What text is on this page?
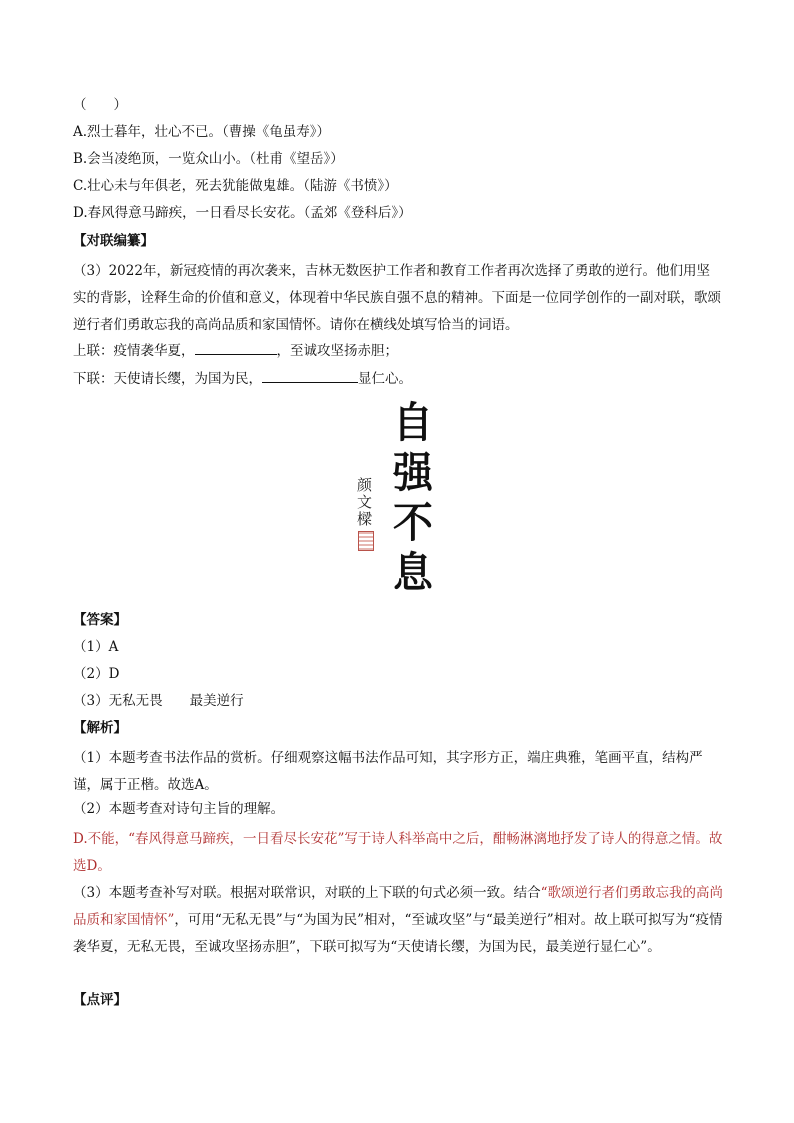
（　　）
A.烈士暮年，壮心不已。（曹操《龟虽寿》）
B.会当凌绝顶，一览众山小。（杜甫《望岳》）
C.壮心未与年俱老，死去犹能做鬼雄。（陆游《书愤》）
D.春风得意马蹄疾，一日看尽长安花。（孟郊《登科后》）
【对联编纂】
（3）2022年，新冠疫情的再次袭来，吉林无数医护工作者和教育工作者再次选择了勇敢的逆行。他们用坚实的背影，诠释生命的价值和意义，体现着中华民族自强不息的精神。下面是一位同学创作的一副对联，歌颂逆行者们勇敢忘我的高尚品质和家国情怀。请你在横线处填写恰当的词语。
上联：疫情袭华夏，	，至诚攻坚扬赤胆；
下联：天使请长缨，为国为民，	显仁心。
自
强
不
息
颜
文
樑
【答案】
（1）A
（2）D
（3）无私无畏　　最美逆行
【解析】
（1）本题考查书法作品的赏析。仔细观察这幅书法作品可知，其字形方正，端庄典雅，笔画平直，结构严谨，属于正楷。故选A。
（2）本题考查对诗句主旨的理解。
D.不能，“春风得意马蹄疾，一日看尽长安花”写于诗人科举高中之后，酣畅淋漓地抒发了诗人的得意之情。故选D。
（3）本题考查补写对联。根据对联常识，对联的上下联的句式必须一致。结合“歌颂逆行者们勇敢忘我的高尚品质和家国情怀”，可用“无私无畏”与“为国为民”相对，“至诚攻坚”与“最美逆行”相对。故上联可拟写为“疫情袭华夏，无私无畏，至诚攻坚扬赤胆”，下联可拟写为“天使请长缨，为国为民，最美逆行显仁心”。
【点评】
